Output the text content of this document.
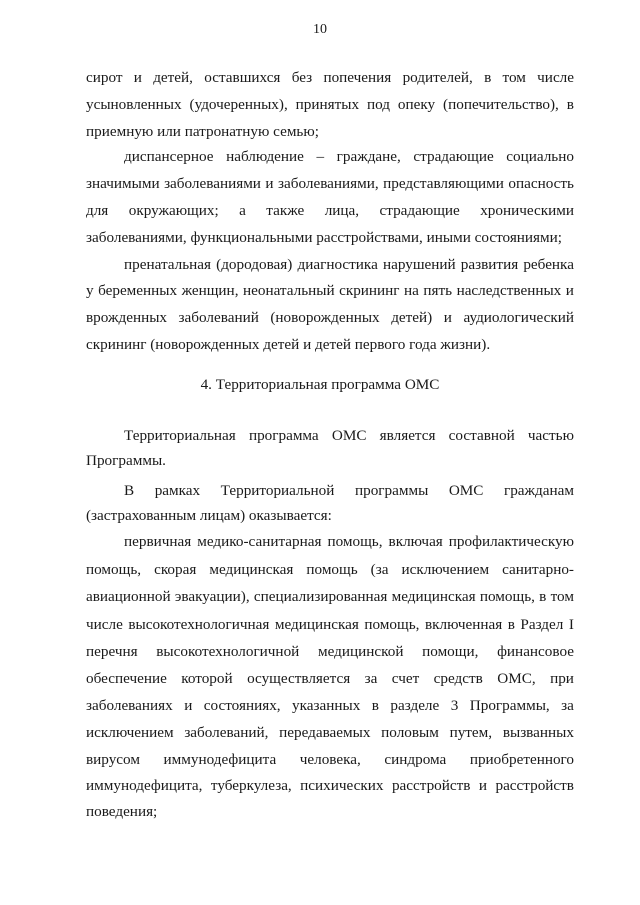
10
сирот и детей, оставшихся без попечения родителей, в том числе
усыновленных (удочеренных), принятых под опеку (попечительство), в
приемную или патронатную семью;
диспансерное наблюдение – граждане, страдающие социально
значимыми заболеваниями и заболеваниями, представляющими опасность
для окружающих; а также лица, страдающие хроническими
заболеваниями, функциональными расстройствами, иными состояниями;
пренатальная (дородовая) диагностика нарушений развития ребенка
у беременных женщин, неонатальный скрининг на пять наследственных и
врожденных заболеваний (новорожденных детей) и аудиологический
скрининг (новорожденных детей и детей первого года жизни).
4. Территориальная программа ОМС
Территориальная программа ОМС является составной частью
Программы.
В рамках Территориальной программы ОМС гражданам
(застрахованным лицам) оказывается:
первичная медико-санитарная помощь, включая профилактическую
помощь, скорая медицинская помощь (за исключением санитарно-
авиационной эвакуации), специализированная медицинская помощь, в том
числе высокотехнологичная медицинская помощь, включенная в Раздел I
перечня высокотехнологичной медицинской помощи, финансовое
обеспечение которой осуществляется за счет средств ОМС, при
заболеваниях и состояниях, указанных в разделе 3 Программы, за
исключением заболеваний, передаваемых половым путем, вызванных
вирусом иммунодефицита человека, синдрома приобретенного
иммунодефицита, туберкулеза, психических расстройств и расстройств
поведения;
